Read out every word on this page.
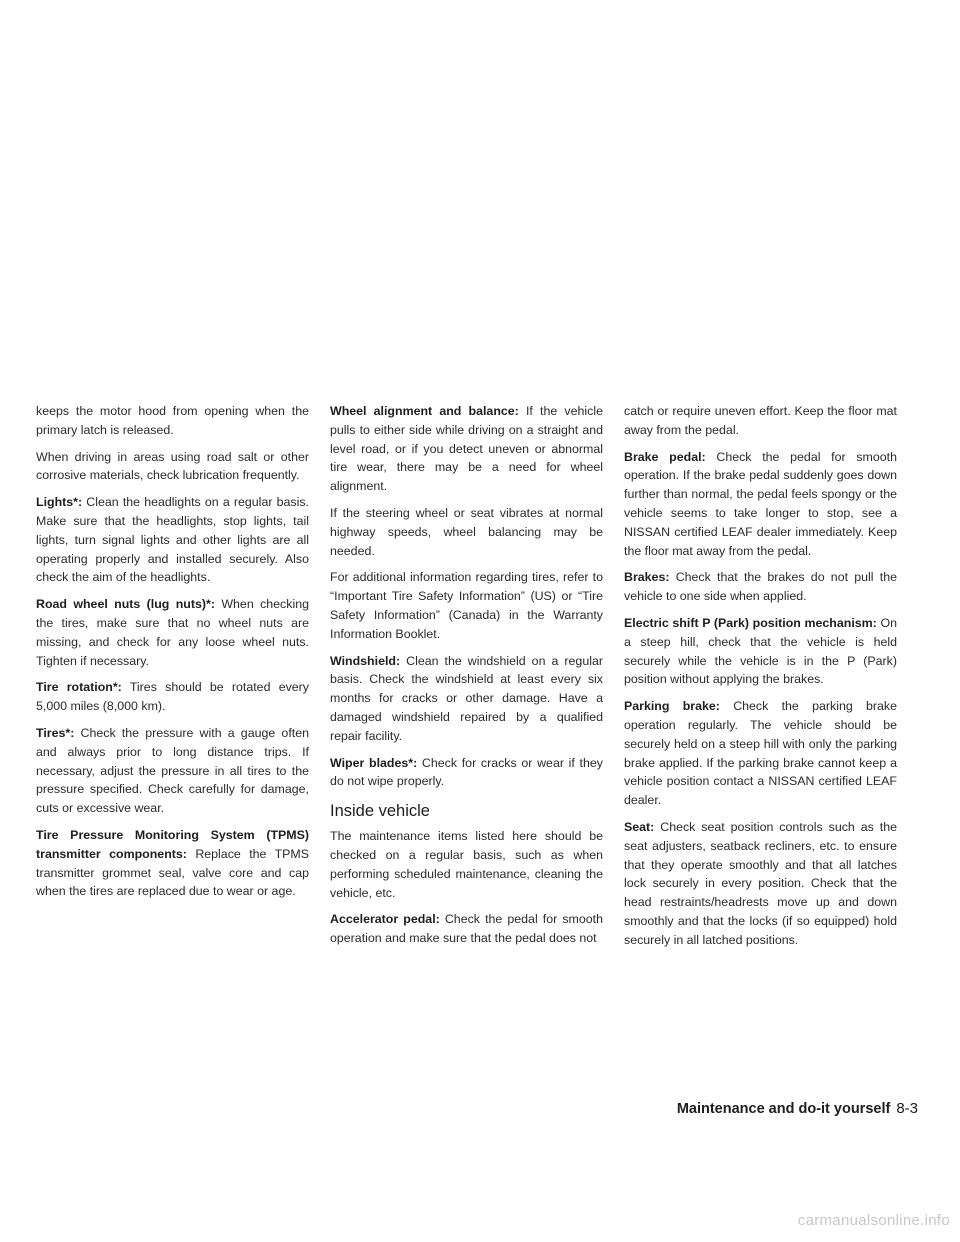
keeps the motor hood from opening when the primary latch is released.

When driving in areas using road salt or other corrosive materials, check lubrication frequently.

Lights*: Clean the headlights on a regular basis. Make sure that the headlights, stop lights, tail lights, turn signal lights and other lights are all operating properly and installed securely. Also check the aim of the headlights.

Road wheel nuts (lug nuts)*: When checking the tires, make sure that no wheel nuts are missing, and check for any loose wheel nuts. Tighten if necessary.

Tire rotation*: Tires should be rotated every 5,000 miles (8,000 km).

Tires*: Check the pressure with a gauge often and always prior to long distance trips. If necessary, adjust the pressure in all tires to the pressure specified. Check carefully for damage, cuts or excessive wear.

Tire Pressure Monitoring System (TPMS) transmitter components: Replace the TPMS transmitter grommet seal, valve core and cap when the tires are replaced due to wear or age.

Wheel alignment and balance: If the vehicle pulls to either side while driving on a straight and level road, or if you detect uneven or abnormal tire wear, there may be a need for wheel alignment.

If the steering wheel or seat vibrates at normal highway speeds, wheel balancing may be needed.

For additional information regarding tires, refer to “Important Tire Safety Information” (US) or “Tire Safety Information” (Canada) in the Warranty Information Booklet.

Windshield: Clean the windshield on a regular basis. Check the windshield at least every six months for cracks or other damage. Have a damaged windshield repaired by a qualified repair facility.

Wiper blades*: Check for cracks or wear if they do not wipe properly.

Inside vehicle

The maintenance items listed here should be checked on a regular basis, such as when performing scheduled maintenance, cleaning the vehicle, etc.

Accelerator pedal: Check the pedal for smooth operation and make sure that the pedal does not

catch or require uneven effort. Keep the floor mat away from the pedal.

Brake pedal: Check the pedal for smooth operation. If the brake pedal suddenly goes down further than normal, the pedal feels spongy or the vehicle seems to take longer to stop, see a NISSAN certified LEAF dealer immediately. Keep the floor mat away from the pedal.

Brakes: Check that the brakes do not pull the vehicle to one side when applied.

Electric shift P (Park) position mechanism: On a steep hill, check that the vehicle is held securely while the vehicle is in the P (Park) position without applying the brakes.

Parking brake: Check the parking brake operation regularly. The vehicle should be securely held on a steep hill with only the parking brake applied. If the parking brake cannot keep a vehicle position contact a NISSAN certified LEAF dealer.

Seat: Check seat position controls such as the seat adjusters, seatback recliners, etc. to ensure that they operate smoothly and that all latches lock securely in every position. Check that the head restraints/headrests move up and down smoothly and that the locks (if so equipped) hold securely in all latched positions.

Maintenance and do-it yourself 8-3
carmanualsonline.info
